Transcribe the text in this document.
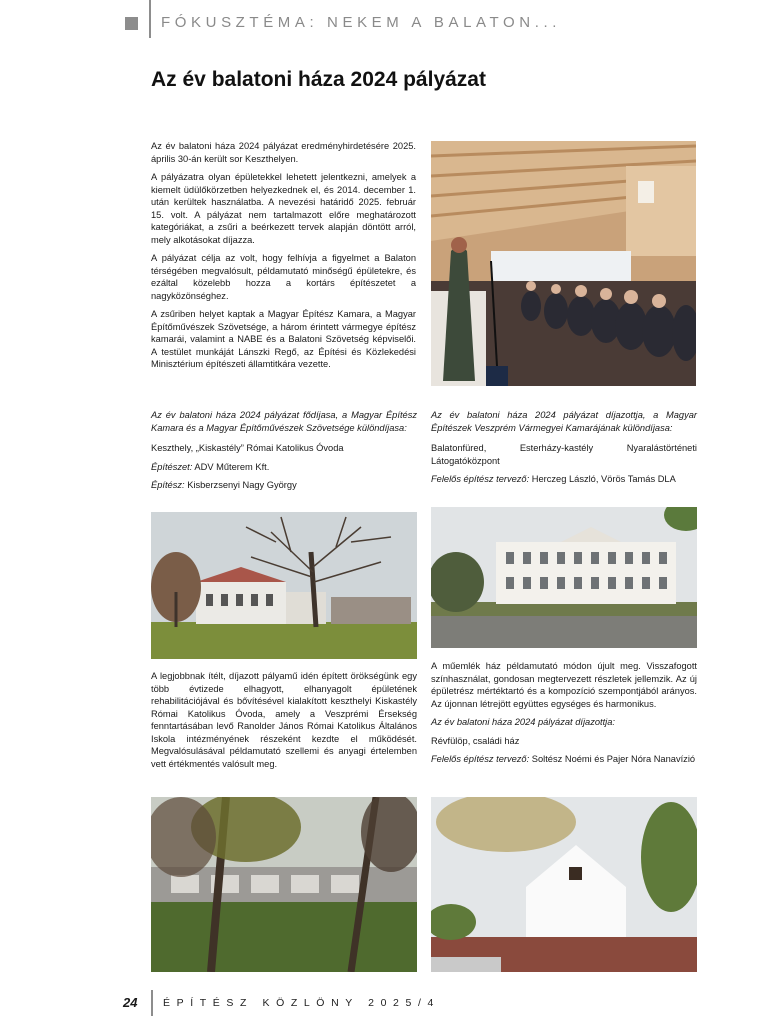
FÓKUSZTÉMA: NEKEM A BALATON...
Az év balatoni háza 2024 pályázat

Az év balatoni háza 2024 pályázat eredményhirdetésére 2025. április 30-án került sor Keszthelyen.

A pályázatra olyan épületekkel lehetett jelentkezni, amelyek a kiemelt üdülőkörzetben helyezkednek el, és 2014. december 1. után kerültek használatba. A nevezési határidő 2025. február 15. volt. A pályázat nem tartalmazott előre meghatározott kategóriákat, a zsűri a beérkezett tervek alapján döntött arról, mely alkotásokat díjazza.

A pályázat célja az volt, hogy felhívja a figyelmet a Balaton térségében megvalósult, példamutató minőségű épületekre, és ezáltal közelebb hozza a kortárs építészetet a nagyközönséghez.

A zsűriben helyet kaptak a Magyar Építész Kamara, a Magyar Építőművészek Szövetsége, a három érintett vármegye építész kamarái, valamint a NABE és a Balatoni Szövetség képviselői. A testület munkáját Lánszki Regő, az Építési és Közlekedési Minisztérium építészeti államtitkára vezette.

Az év balatoni háza 2024 pályázat fődíjasa, a Magyar Építész Kamara és a Magyar Építőművészek Szövetsége különdíjasa:

Keszthely, „Kiskastély” Római Katolikus Óvoda

Építészet: ADV Műterem Kft.

Építész: Kisberzsenyi Nagy György

Az év balatoni háza 2024 pályázat díjazottja, a Magyar Építészek Veszprém Vármegyei Kamarájának különdíjasa:

Balatonfüred, Esterházy-kastély Nyaralástörténeti Látogatóközpont

Felelős építész tervező: Herczeg László, Vörös Tamás DLA

A legjobbnak ítélt, díjazott pályamű idén épített örökségünk egy több évtizede elhagyott, elhanyagolt épületének rehabilitációjával és bővítésével kialakított keszthelyi Kiskastély Római Katolikus Óvoda, amely a Veszprémi Érsekség fenntartásában levő Ranolder János Római Katolikus Általános Iskola intézményének részeként kezdte el működését. Megvalósulásával példamutató szellemi és anyagi értelemben vett értékmentés valósult meg.

A műemlék ház példamutató módon újult meg. Visszafogott színhasználat, gondosan megtervezett részletek jellemzik. Az új épületrész mértéktartó és a kompozíció szempontjából arányos. Az újonnan létrejött együttes egységes és harmonikus.

Az év balatoni háza 2024 pályázat díjazottja:

Révfülöp, családi ház

Felelős építész tervező: Soltész Noémi és Pajer Nóra Nanavízió

24 ÉPÍTÉSZ KÖZLÖNY 2025/4
